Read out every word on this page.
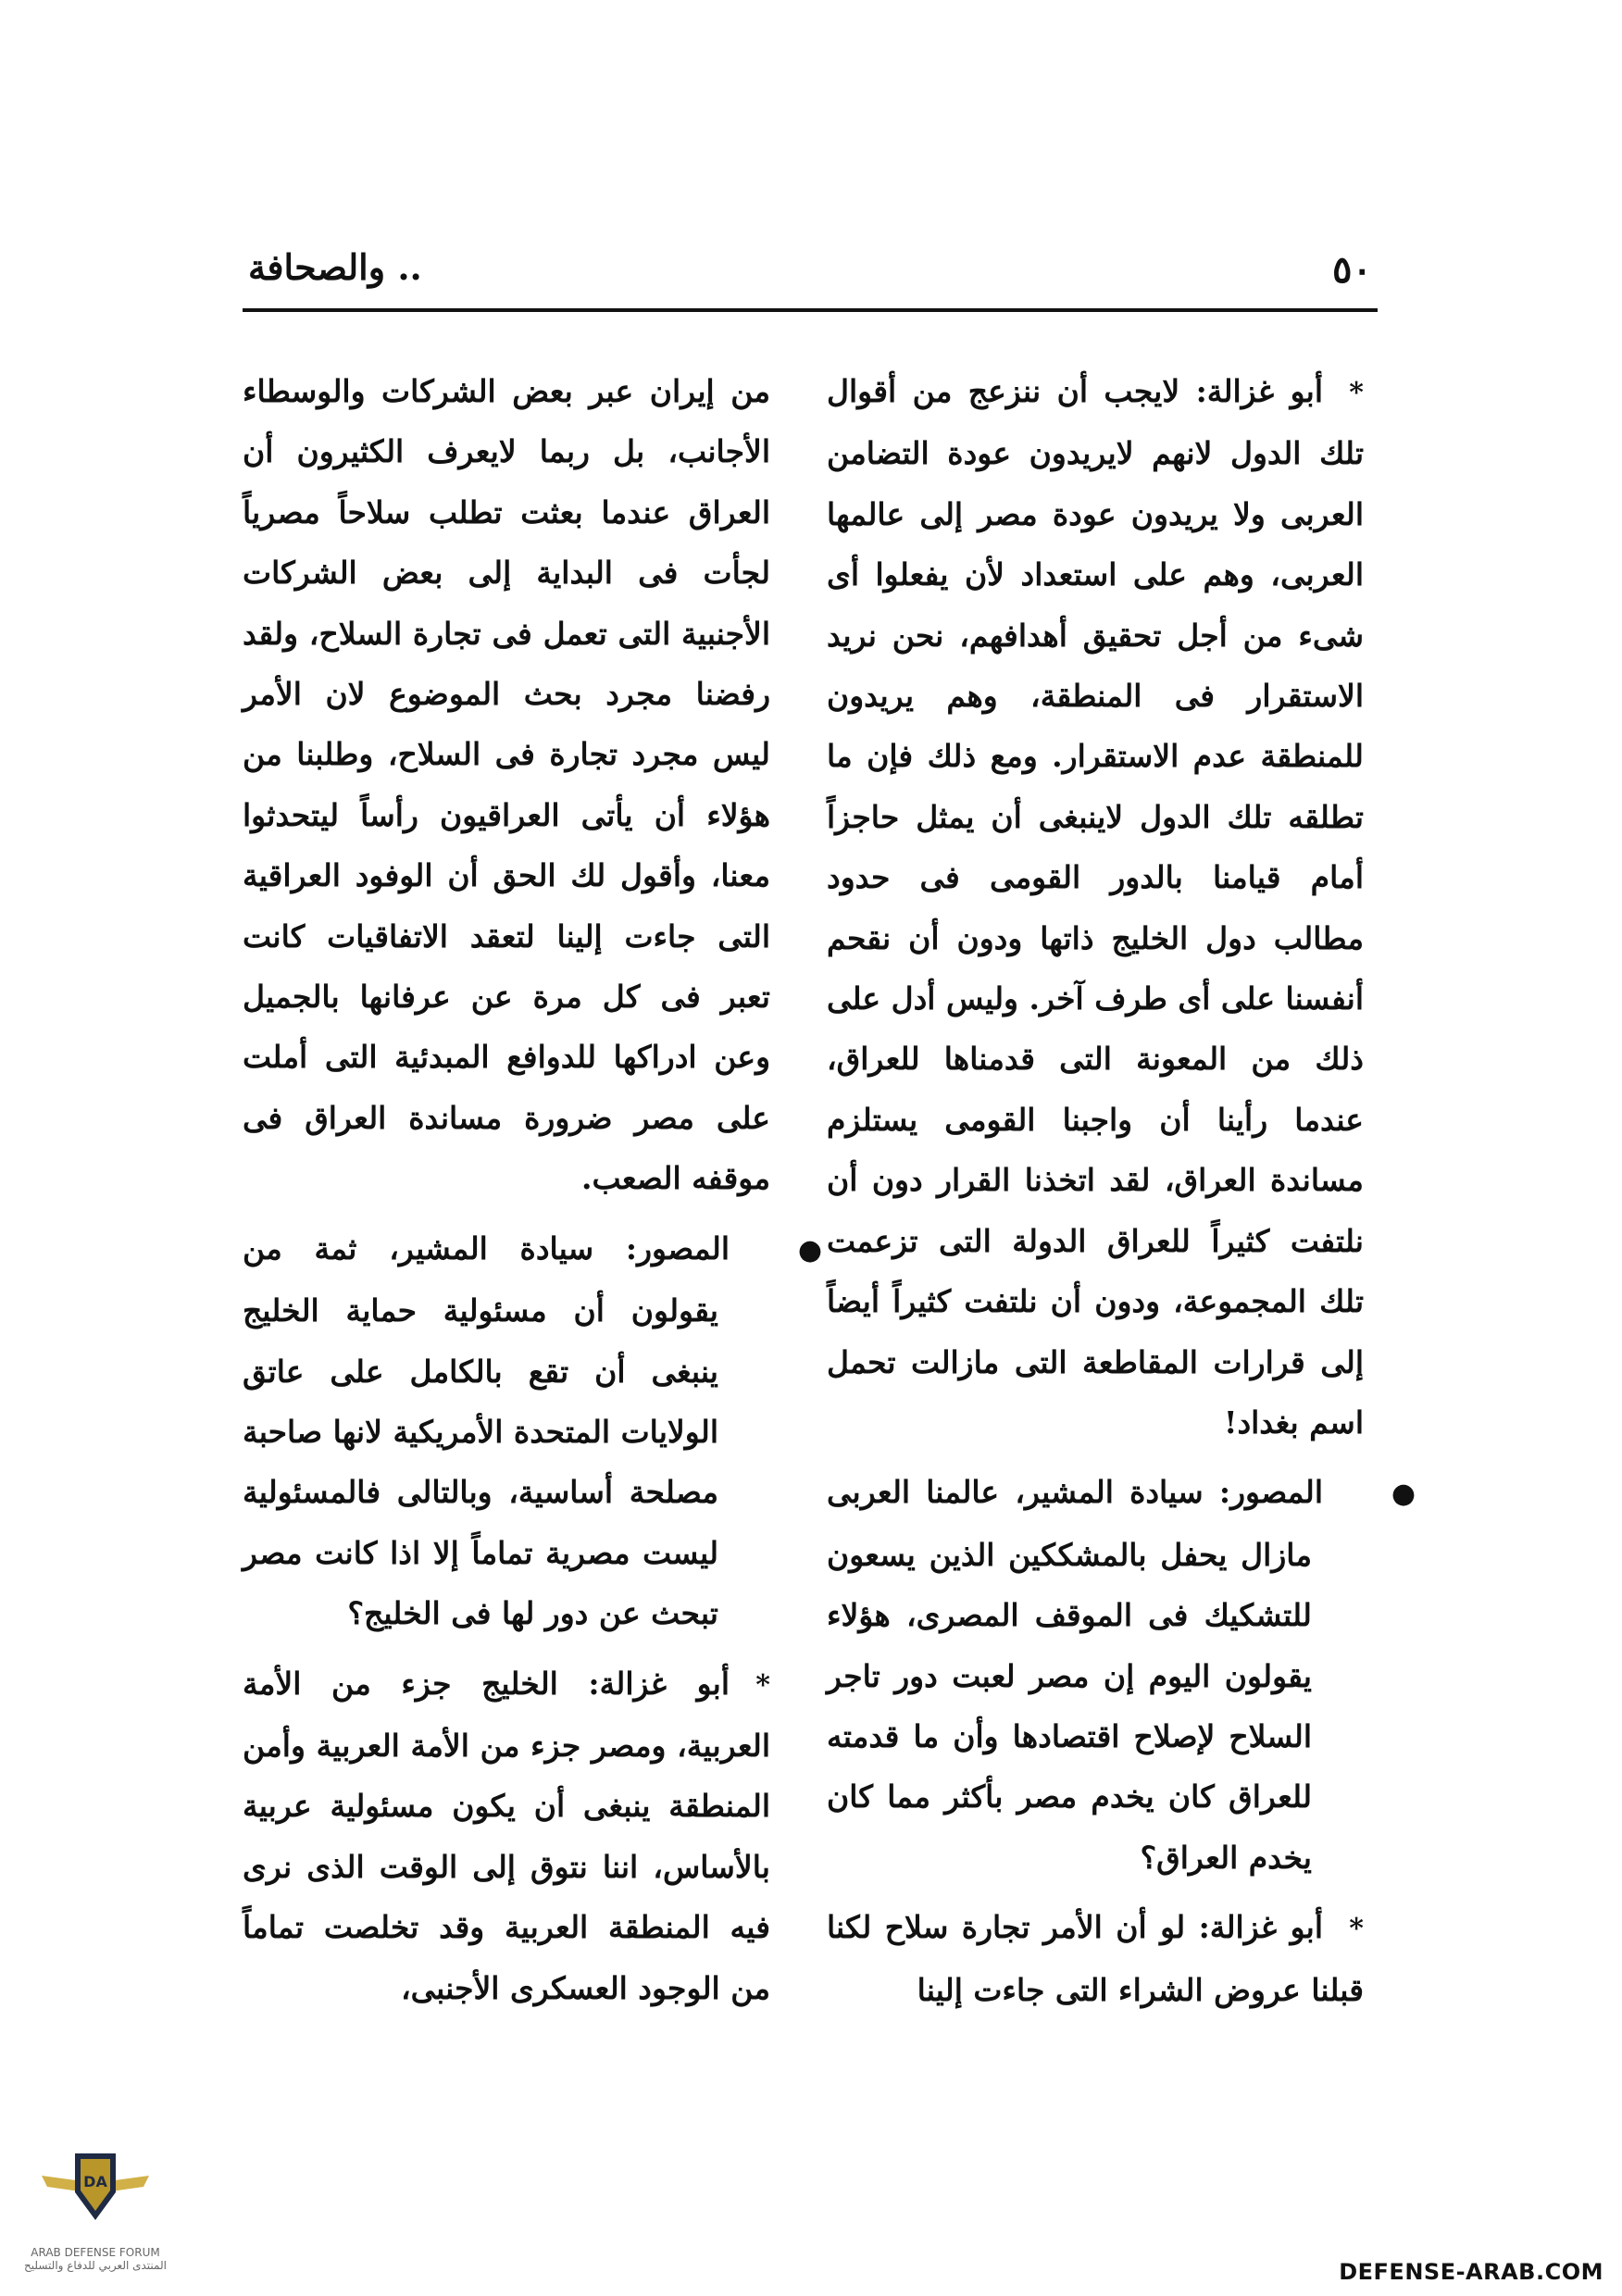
٥٠
.. والصحافة

*أبو غزالة: لايجب أن ننزعج من أقوال تلك الدول لانهم لايريدون عودة التضامن العربى ولا يريدون عودة مصر إلى عالمها العربى، وهم على استعداد لأن يفعلوا أى شىء من أجل تحقيق أهدافهم، نحن نريد الاستقرار فى المنطقة، وهم يريدون للمنطقة عدم الاستقرار. ومع ذلك فإن ما تطلقه تلك الدول لاينبغى أن يمثل حاجزاً أمام قيامنا بالدور القومى فى حدود مطالب دول الخليج ذاتها ودون أن نقحم أنفسنا على أى طرف آخر. وليس أدل على ذلك من المعونة التى قدمناها للعراق، عندما رأينا أن واجبنا القومى يستلزم مساندة العراق، لقد اتخذنا القرار دون أن نلتفت كثيراً للعراق الدولة التى تزعمت تلك المجموعة، ودون أن نلتفت كثيراً أيضاً إلى قرارات المقاطعة التى مازالت تحمل اسم بغداد!

●المصور: سيادة المشير، عالمنا العربى مازال يحفل بالمشككين الذين يسعون للتشكيك فى الموقف المصرى، هؤلاء يقولون اليوم إن مصر لعبت دور تاجر السلاح لإصلاح اقتصادها وأن ما قدمته للعراق كان يخدم مصر بأكثر مما كان يخدم العراق؟

*أبو غزالة: لو أن الأمر تجارة سلاح لكنا قبلنا عروض الشراء التى جاءت إلينا

من إيران عبر بعض الشركات والوسطاء الأجانب، بل ربما لايعرف الكثيرون أن العراق عندما بعثت تطلب سلاحاً مصرياً لجأت فى البداية إلى بعض الشركات الأجنبية التى تعمل فى تجارة السلاح، ولقد رفضنا مجرد بحث الموضوع لان الأمر ليس مجرد تجارة فى السلاح، وطلبنا من هؤلاء أن يأتى العراقيون رأساً ليتحدثوا معنا، وأقول لك الحق أن الوفود العراقية التى جاءت إلينا لتعقد الاتفاقيات كانت تعبر فى كل مرة عن عرفانها بالجميل وعن ادراكها للدوافع المبدئية التى أملت على مصر ضرورة مساندة العراق فى موقفه الصعب.

●المصور: سيادة المشير، ثمة من يقولون أن مسئولية حماية الخليج ينبغى أن تقع بالكامل على عاتق الولايات المتحدة الأمريكية لانها صاحبة مصلحة أساسية، وبالتالى فالمسئولية ليست مصرية تماماً إلا اذا كانت مصر تبحث عن دور لها فى الخليج؟

*أبو غزالة: الخليج جزء من الأمة العربية، ومصر جزء من الأمة العربية وأمن المنطقة ينبغى أن يكون مسئولية عربية بالأساس، اننا نتوق إلى الوقت الذى نرى فيه المنطقة العربية وقد تخلصت تماماً من الوجود العسكرى الأجنبى،

DA
ARAB DEFENSE FORUM
المنتدى العربي للدفاع والتسليح	DEFENSE-ARAB.COM
